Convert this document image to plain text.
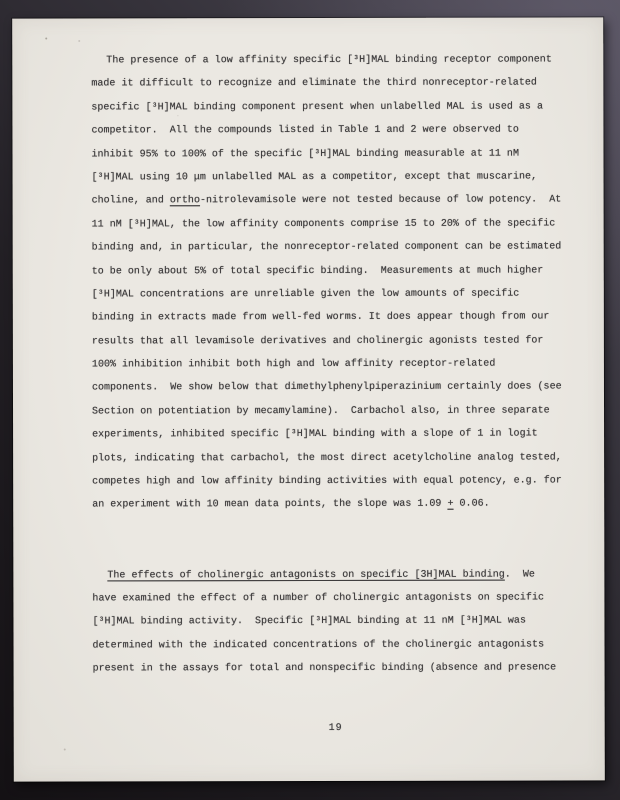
The presence of a low affinity specific [³H]MAL binding receptor component
made it difficult to recognize and eliminate the third nonreceptor-related
specific [³H]MAL binding component present when unlabelled MAL is used as a
competitor.  All the compounds listed in Table 1 and 2 were observed to
inhibit 95% to 100% of the specific [³H]MAL binding measurable at 11 nM
[³H]MAL using 10 μm unlabelled MAL as a competitor, except that muscarine,
choline, and ortho-nitrolevamisole were not tested because of low potency.  At
11 nM [³H]MAL, the low affinity components comprise 15 to 20% of the specific
binding and, in particular, the nonreceptor-related component can be estimated
to be only about 5% of total specific binding.  Measurements at much higher
[³H]MAL concentrations are unreliable given the low amounts of specific
binding in extracts made from well-fed worms. It does appear though from our
results that all levamisole derivatives and cholinergic agonists tested for
100% inhibition inhibit both high and low affinity receptor-related
components.  We show below that dimethylphenylpiperazinium certainly does (see
Section on potentiation by mecamylamine).  Carbachol also, in three separate
experiments, inhibited specific [³H]MAL binding with a slope of 1 in logit
plots, indicating that carbachol, the most direct acetylcholine analog tested,
competes high and low affinity binding activities with equal potency, e.g. for
an experiment with 10 mean data points, the slope was 1.09 + 0.06.
The effects of cholinergic antagonists on specific [3H]MAL binding.  We
have examined the effect of a number of cholinergic antagonists on specific
[³H]MAL binding activity.  Specific [³H]MAL binding at 11 nM [³H]MAL was
determined with the indicated concentrations of the cholinergic antagonists
present in the assays for total and nonspecific binding (absence and presence
19
